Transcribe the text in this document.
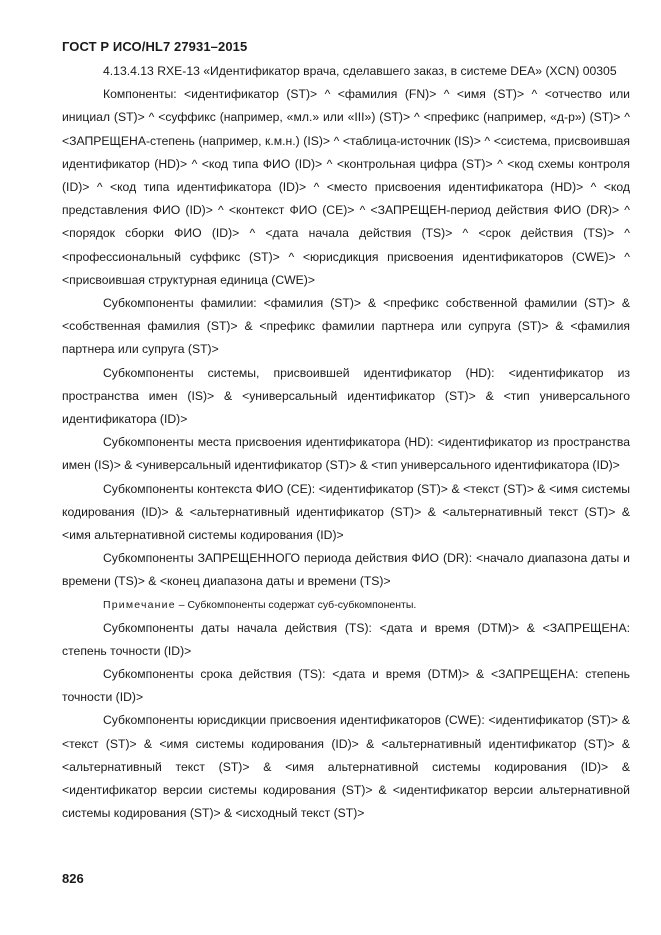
ГОСТ Р ИСО/HL7 27931–2015

4.13.4.13 RXE-13 «Идентификатор врача, сделавшего заказ, в системе DEA» (XCN) 00305

Компоненты: <идентификатор (ST)> ^ <фамилия (FN)> ^ <имя (ST)> ^ <отчество или инициал (ST)> ^ <суффикс (например, «мл.» или «III») (ST)> ^ <префикс (например, «д-р») (ST)> ^ <ЗАПРЕЩЕНА-степень (например, к.м.н.) (IS)> ^ <таблица-источник (IS)> ^ <система, присвоившая идентификатор (HD)> ^ <код типа ФИО (ID)> ^ <контрольная цифра (ST)> ^ <код схемы контроля (ID)> ^ <код типа идентификатора (ID)> ^ <место присвоения идентификатора (HD)> ^ <код представления ФИО (ID)> ^ <контекст ФИО (CE)> ^ <ЗАПРЕЩЕН-период действия ФИО (DR)> ^ <порядок сборки ФИО (ID)> ^ <дата начала действия (TS)> ^ <срок действия (TS)> ^ <профессиональный суффикс (ST)> ^ <юрисдикция присвоения идентификаторов (CWE)> ^ <присвоившая структурная единица (CWE)>

Субкомпоненты фамилии: <фамилия (ST)> & <префикс собственной фамилии (ST)> & <собственная фамилия (ST)> & <префикс фамилии партнера или супруга (ST)> & <фамилия партнера или супруга (ST)>

Субкомпоненты системы, присвоившей идентификатор (HD): <идентификатор из пространства имен (IS)> & <универсальный идентификатор (ST)> & <тип универсального идентификатора (ID)>

Субкомпоненты места присвоения идентификатора (HD): <идентификатор из пространства имен (IS)> & <универсальный идентификатор (ST)> & <тип универсального идентификатора (ID)>

Субкомпоненты контекста ФИО (CE): <идентификатор (ST)> & <текст (ST)> & <имя системы кодирования (ID)> & <альтернативный идентификатор (ST)> & <альтернативный текст (ST)> & <имя альтернативной системы кодирования (ID)>

Субкомпоненты ЗАПРЕЩЕННОГО периода действия ФИО (DR): <начало диапазона даты и времени (TS)> & <конец диапазона даты и времени (TS)>

Примечание – Субкомпоненты содержат суб-субкомпоненты.

Субкомпоненты даты начала действия (TS): <дата и время (DTM)> & <ЗАПРЕЩЕНА: степень точности (ID)>

Субкомпоненты срока действия (TS): <дата и время (DTM)> & <ЗАПРЕЩЕНА: степень точности (ID)>

Субкомпоненты юрисдикции присвоения идентификаторов (CWE): <идентификатор (ST)> & <текст (ST)> & <имя системы кодирования (ID)> & <альтернативный идентификатор (ST)> & <альтернативный текст (ST)> & <имя альтернативной системы кодирования (ID)> & <идентификатор версии системы кодирования (ST)> & <идентификатор версии альтернативной системы кодирования (ST)> & <исходный текст (ST)>

826
